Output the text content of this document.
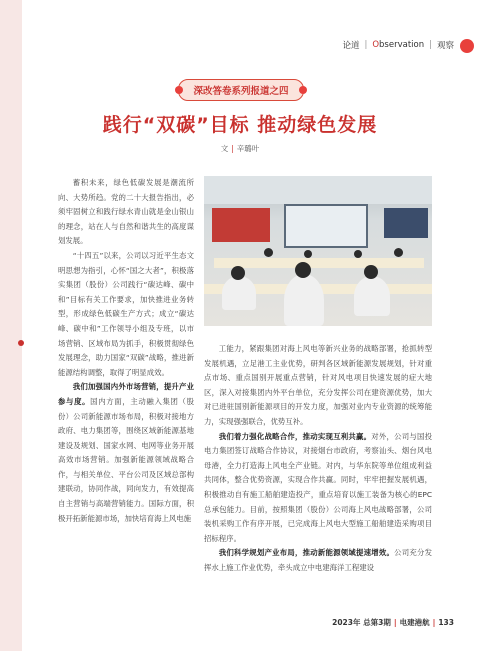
论道 | Observation | 观察
深改答卷系列报道之四
践行“双碳”目标 推动绿色发展
文 | 辛璐叶

蓄积未来，绿色低碳发展是潮流所向、大势所趋。党的二十大报告指出，必须牢固树立和践行绿水青山就是金山银山的理念，站在人与自然和谐共生的高度谋划发展。

“十四五”以来，公司以习近平生态文明思想为指引，心怀“国之大者”，积极落实集团（股份）公司践行“碳达峰、碳中和”目标有关工作要求，加快推进业务转型，形成绿色低碳生产方式；成立“碳达峰、碳中和”工作领导小组及专班，以市场营销、区域布局为抓手，积极贯彻绿色发展理念，助力国家“双碳”战略，推进新能源结构调整，取得了明显成效。

我们加强国内外市场营销，提升产业参与度。国内方面，主动融入集团（股份）公司新能源市场布局，积极对接地方政府、电力集团等，围绕区域新能源基地建设及规划、国家水网、电网等业务开展高效市场营销。加强新能源领域战略合作，与相关单位、平台公司及区域总部构建联动，协同作战，同向发力，有效提高自主营销与高端营销能力。国际方面，积极开拓新能源市场，加快培育海上风电施

工能力，紧跟集团对海上风电等新兴业务的战略部署，抢抓转型发展机遇，立足港工主业优势，研判各区域新能源发展规划，针对重点市场、重点国别开展重点营销，针对风电项目快速发展的症大地区，深入对接集团内外平台单位，充分发挥公司在建资源优势，加大对已进驻国别新能源项目的开发力度，加强对业内专业资源的统筹能力，实现强强联合，优势互补。

我们着力强化战略合作，推动实现互利共赢。对外，公司与国投电力集团签订战略合作协议，对接烟台市政府，考察汕头、烟台风电母港，全力打造海上风电全产业链。对内，与华东院等单位组成利益共同体，整合优势资源，实现合作共赢。同时，牢牢把握发展机遇，积极推动自有施工船舶建造投产，重点培育以施工装备为核心的EPC总承包能力。目前，按照集团（股份）公司海上风电战略部署，公司装机采购工作有序开展，已完成海上风电大型施工船舶建造采购项目招标程序。

我们科学规划产业布局，推动新能源领域提速增效。公司充分发挥水上施工作业优势，牵头成立中电建海洋工程建设

2023年 总第3期 | 电建港航 | 133
